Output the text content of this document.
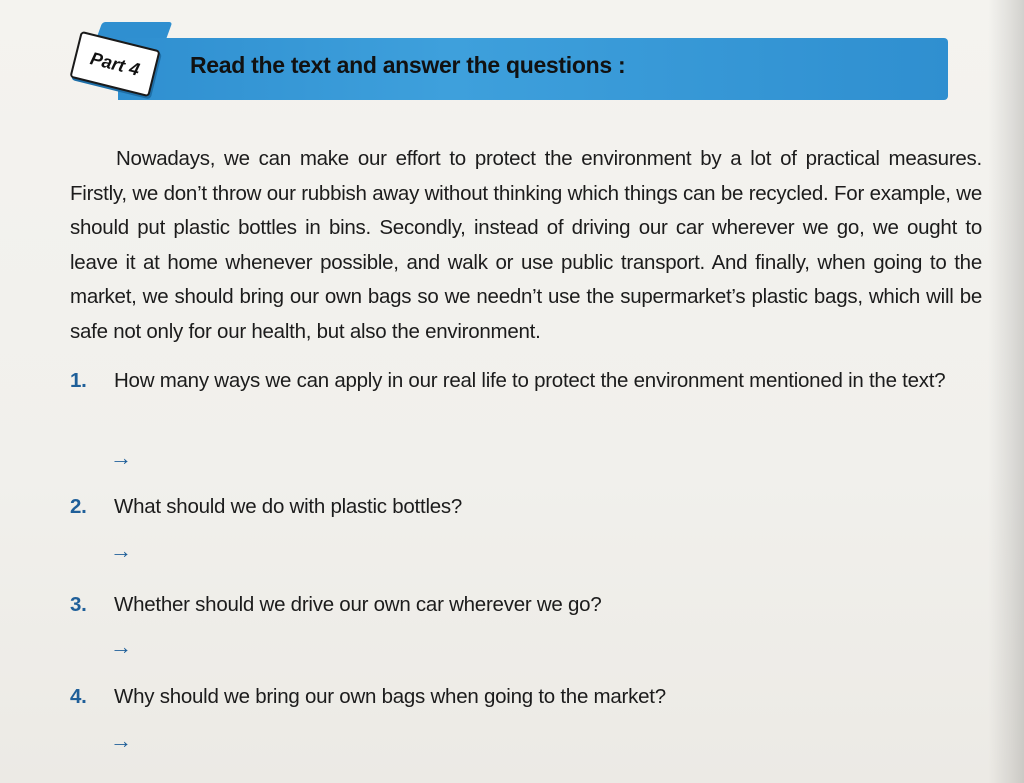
Part 4	Read the text and answer the questions :

Nowadays, we can make our effort to protect the environment by a lot of practical measures. Firstly, we don’t throw our rubbish away without thinking which things can be recycled. For example, we should put plastic bottles in bins. Secondly, instead of driving our car wherever we go, we ought to leave it at home whenever possible, and walk or use public transport. And finally, when going to the market, we should bring our own bags so we needn’t use the supermarket’s plastic bags, which will be safe not only for our health, but also the environment.

1. How many ways we can apply in our real life to protect the environment mentioned in the text?
→
2. What should we do with plastic bottles?
→
3. Whether should we drive our own car wherever we go?
→
4. Why should we bring our own bags when going to the market?
→
